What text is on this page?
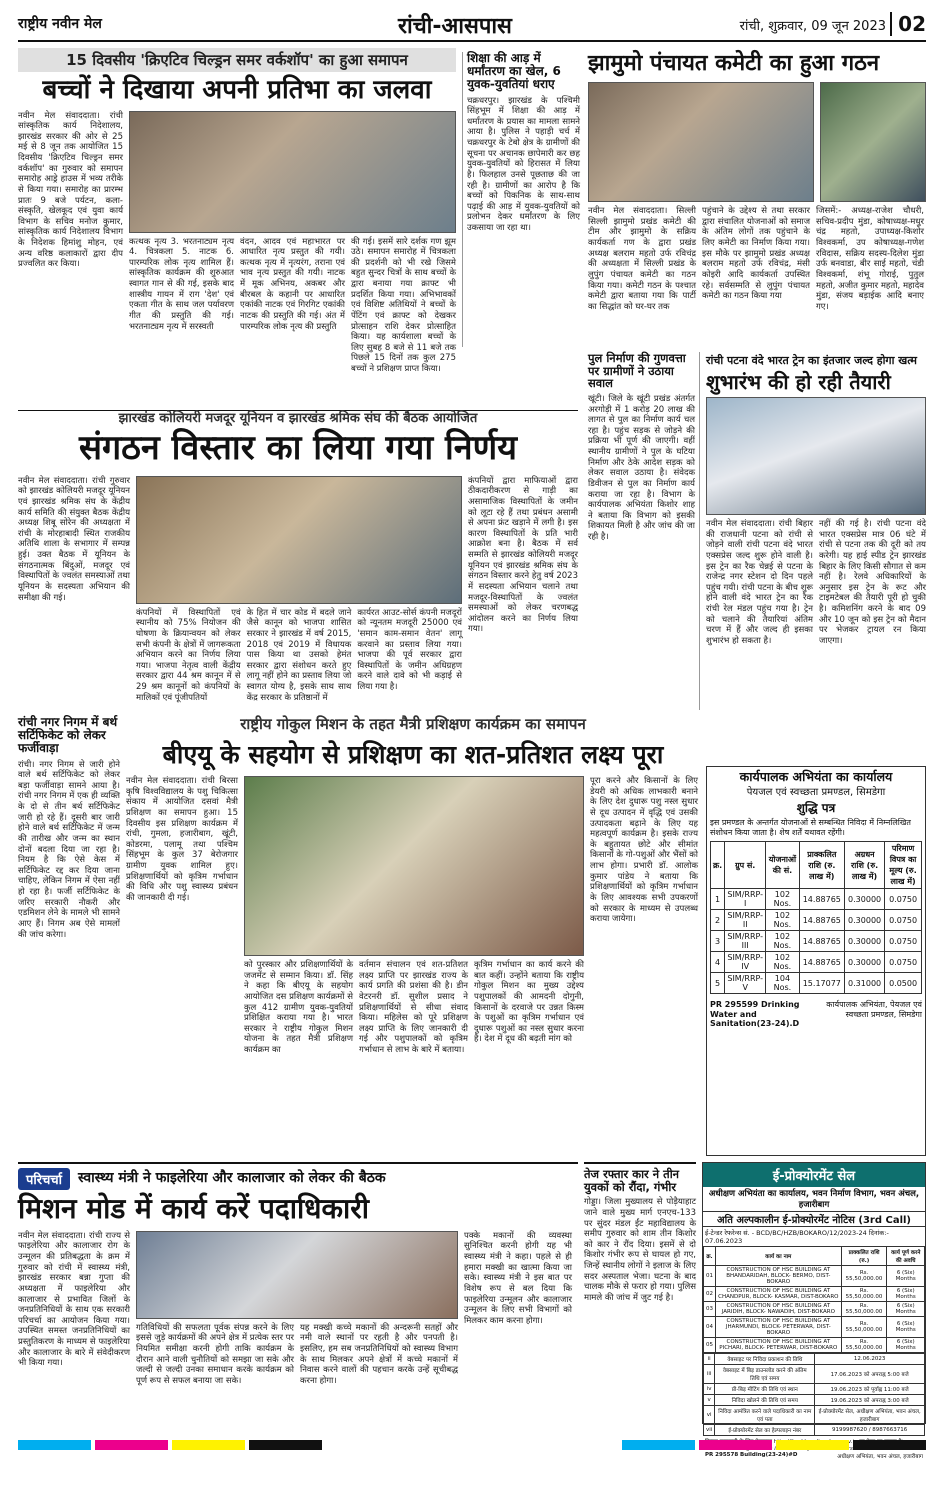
राष्ट्रीय नवीन मेल	रांची-आसपास	रांची, शुक्रवार, 09 जून 2023 02
15 दिवसीय 'क्रिएटिव चिल्ड्रन समर वर्कशॉप' का हुआ समापन
बच्चों ने दिखाया अपनी प्रतिभा का जलवा
नवीन मेल संवाददाता। रांची सांस्कृतिक कार्य निदेशालय, झारखंड सरकार की ओर से 25 मई से 8 जून तक आयोजित 15 दिवसीय 'क्रिएटिव चिल्ड्रन समर वर्कशॉप' का गुरुवार को समापन समारोह आड्रे हाउस में भव्य तरीके से किया गया। समारोह का प्रारम्भ प्रातः 9 बजे पर्यटन, कला-संस्कृति, खेलकूद एवं युवा कार्य विभाग के सचिव मनोज कुमार, सांस्कृतिक कार्य निदेशालय विभाग के निदेशक हिमांशु मोहन, एवं अन्य वरिष्ठ कलाकारों द्वारा दीप प्रज्वलित कर किया।
कत्थक नृत्य 3. भरतनाट्यम नृत्य 4. चित्रकला 5. नाटक 6. पारम्परिक लोक नृत्य शामिल हैं। सांस्कृतिक कार्यक्रम की शुरुआत स्वागत गान से की गई, इसके बाद शास्त्रीय गायन में राग 'देश' एवं एकता गीत के साथ जल पर्यावरण गीत की प्रस्तुति की गई। भरतनाट्यम नृत्य में सरस्वती
वंदन, आदव एवं महाभारत पर आधारित नृत्य प्रस्तुत की गयी। कत्थक नृत्य में नृत्यरंग, तराना एवं भाव नृत्य प्रस्तुत की गयी। नाटक में मूक अभिनय, अकबर और बीरबल के कहानी पर आधारित एकांकी नाटक एवं गिरगिट एकांकी नाटक की प्रस्तुति की गई। अंत में पारम्परिक लोक नृत्य की प्रस्तुति
की गई। इसमें सारे दर्शक गण झूम उठे। समापन समारोह में चित्रकला की प्रदर्शनी को भी रखे जिसमे बहुत सुन्दर चित्रों के साथ बच्चों के द्वारा बनाया गया क्राफ्ट भी प्रदर्शित किया गया। अभिभावकों एवं विशिष्ट अतिथियों ने बच्चों के पेंटिंग एवं क्राफ्ट को देखकर प्रोत्साहन राशि देकर प्रोत्साहित किया। यह कार्यशाला बच्चों के लिए सुबह 8 बजे से 11 बजे तक पिछले 15 दिनों तक कुल 275 बच्चों ने प्रशिक्षण प्राप्त किया।
शिक्षा की आड़ में धर्मांतरण का खेल, 6 युवक-युवतियां धराए
चक्रधरपुर। झारखंड के पश्चिमी सिंहभूम में शिक्षा की आड़ में धर्मांतरण के प्रयास का मामला सामने आया है। पुलिस ने पहाड़ी चर्च में चक्रधरपुर के टेबो क्षेत्र के ग्रामीणों की सूचना पर अचानक छापेमारी कर छह युवक-युवतियों को हिरासत में लिया है। फिलहाल उनसे पूछताछ की जा रही है। ग्रामीणों का आरोप है कि बच्चों को पिकनिक के साथ-साथ पढ़ाई की आड़ में युवक-युवतियों को प्रलोभन देकर धर्मांतरण के लिए उकसाया जा रहा था।
झामुमो पंचायत कमेटी का हुआ गठन
नवीन मेल संवाददाता। सिल्ली सिल्ली झामुमो प्रखंड कमेटी की टीम और झामुमो के सक्रिय कार्यकर्ता गण के द्वारा प्रखंड अध्यक्ष बलराम महतो उर्फ रविचंद्र की अध्यक्षता में सिल्ली प्रखंड के लुपुंग पंचायत कमेटी का गठन किया गया। कमेटी गठन के पश्चात कमेटी द्वारा बताया गया कि पार्टी का सिद्धांत को घर-घर तक
पहुंचाने के उद्देश्य से तथा सरकार द्वारा संचालित योजनाओं को समाज के अंतिम लोगों तक पहुंचाने के लिए कमेटी का निर्माण किया गया। इस मौके पर झामुमो प्रखंड अध्यक्ष बलराम महतो उर्फ रविचंद्र, मंसी कोइरी आदि कार्यकर्ता उपस्थित रहे। सर्वसम्मति से लुपुंग पंचायत कमेटी का गठन किया गया
जिसमें:- अध्यक्ष-राजेश चौधरी, सचिव-प्रदीप मुंडा, कोषाध्यक्ष-मधुर चंद्र महतो, उपाध्यक्ष-किशोर विश्वकर्मा, उप कोषाध्यक्ष-गणेश रविदास, सक्रिय सदस्य-दिलेश मुंडा उर्फ बनवाडा, बीर साई महतो, चंडी विश्वकर्मा, शंभू गोराई, पुतुल महतो, अजीत कुमार महतो, महादेव मुंडा, संजय बड़ाईक आदि बनाए गए।
झारखंड कोलियरी मजदूर यूनियन व झारखंड श्रमिक संघ की बैठक आयोजित
संगठन विस्तार का लिया गया निर्णय
नवीन मेल संवाददाता। रांची गुरुवार को झारखंड कोलियरी मजदूर यूनियन एवं झारखंड श्रमिक संघ के केंद्रीय कार्य समिति की संयुक्त बैठक केंद्रीय अध्यक्ष शिबू सोरेन की अध्यक्षता में रांची के मोरहाबादी स्थित राजकीय अतिथि शाला के सभागार में सम्पन्न हुई। उक्त बैठक में यूनियन के संगठनात्मक बिंदुओं, मजदूर एवं विस्थापितों के ज्वलंत समस्याओं तथा यूनियन के सदस्यता अभियान की समीक्षा की गई।
कंपनियों में विस्थापितों एवं स्थानीय को 75% नियोजन की घोषणा के क्रियान्वयन को लेकर सभी कंपनी के क्षेत्रों में जागरूकता अभियान करने का निर्णय लिया गया। भाजपा नेतृत्व वाली केंद्रीय सरकार द्वारा 44 श्रम कानून में से 29 श्रम कानूनों को कंपनियों के मालिकों एवं पूंजीपतियों
के हित में चार कोड में बदले जाने जैसे कानून को भाजपा शासित सरकार ने झारखंड में वर्ष 2015, 2018 एवं 2019 में विधायक पास किया था उसको हेमंत सरकार द्वारा संशोधन करते हुए लागू नहीं होने का प्रस्ताव लिया जो स्वागत योग्य है, इसके साथ साथ केंद्र सरकार के प्रतिष्ठानों में
कार्यरत आउट-सोर्स कंपनी मजदूरों को न्यूनतम मजदूरी 25000 एवं 'समान काम-समान वेतन' लागू करवाने का प्रस्ताव लिया गया। भाजपा की पूर्व सरकार द्वारा विस्थापितों के जमीन अधिग्रहण करने वाले दावे को भी कड़ाई से लिया गया है।
कंपनियों द्वारा माफियाओं द्वारा ठीकदारीकरण से गाड़ी का असामाजिक विस्थापितों के जमीन को लूटा रहे हैं तथा प्रबंधन असामी से अपना फ्रंट खड़ाने में लगी है। इस कारण विस्थापितों के प्रति भारी आक्रोश बना है। बैठक में सर्व सम्मति से झारखंड कोलियरी मजदूर यूनियन एवं झारखंड श्रमिक संघ के संगठन विस्तार करने हेतु वर्ष 2023 में सदस्यता अभियान चलाने तथा मजदूर-विस्थापितों के ज्वलंत समस्याओं को लेकर चरणबद्ध आंदोलन करने का निर्णय लिया गया।
पुल निर्माण की गुणवत्ता पर ग्रामीणों ने उठाया सवाल
खूंटी। जिले के खूंटी प्रखंड अंतर्गत अरगोड़ी में 1 करोड़ 20 लाख की लागत से पुल का निर्माण कार्य चल रहा है। पहुंच सड़क से जोड़ने की प्रक्रिया भी पूर्ण की जाएगी। वहीं स्थानीय ग्रामीणों ने पुल के घटिया निर्माण और ठेके आदेश सड़क को लेकर सवाल उठाया है। संवेदक डिवीजन से पुल का निर्माण कार्य कराया जा रहा है। विभाग के कार्यपालक अभियंता किशोर शाह ने बताया कि विभाग को इसकी शिकायत मिली है और जांच की जा रही है।
रांची पटना वंदे भारत ट्रेन का इंतजार जल्द होगा खत्म
शुभारंभ की हो रही तैयारी
नवीन मेल संवाददाता। रांची बिहार की राजधानी पटना को रांची से जोड़ने वाली रांची पटना वंदे भारत एक्सप्रेस जल्द शुरू होने वाली है। इस ट्रेन का रैक चेन्नई से पटना के राजेन्द्र नगर स्टेशन दो दिन पहले पहुंच गयी। रांची पटना के बीच शुरू होने वाली वंदे भारत ट्रेन का रैक रांची रेल मंडल पहुंच गया है। ट्रेन को चलाने की तैयारियां अंतिम चरण में हैं और जल्द ही इसका शुभारंभ हो सकता है।
नहीं की गई है। रांची पटना वंदे भारत एक्सप्रेस मात्र 06 घंटे में रांची से पटना तक की दूरी को तय करेगी। यह हाई स्पीड ट्रेन झारखंड बिहार के लिए किसी सौगात से कम नहीं है। रेलवे अधिकारियों के अनुसार इस ट्रेन के रूट और टाइमटेबल की तैयारी पूरी हो चुकी है। कमिशनिंग करने के बाद 09 और 10 जून को इस ट्रेन को मैदान पर भेजकर ट्रायल रन किया जाएगा।
रांची नगर निगम में बर्थ सर्टिफिकेट को लेकर फर्जीवाड़ा
रांची। नगर निगम से जारी होने वाले बर्थ सर्टिफिकेट को लेकर बड़ा फर्जीवाड़ा सामने आया है। रांची नगर निगम में एक ही व्यक्ति के दो से तीन बर्थ सर्टिफिकेट जारी हो रहे हैं। दूसरी बार जारी होने वाले बर्थ सर्टिफिकेट में जन्म की तारीख और जन्म का स्थान दोनों बदला दिया जा रहा है। नियम है कि ऐसे केस में सर्टिफिकेट रद्द कर दिया जाना चाहिए, लेकिन निगम में ऐसा नहीं हो रहा है। फर्जी सर्टिफिकेट के जरिए सरकारी नौकरी और एडमिशन लेने के मामले भी सामने आए हैं। निगम अब ऐसे मामलों की जांच करेगा।
राष्ट्रीय गोकुल मिशन के तहत मैत्री प्रशिक्षण कार्यक्रम का समापन
बीएयू के सहयोग से प्रशिक्षण का शत-प्रतिशत लक्ष्य पूरा
नवीन मेल संवाददाता। रांची बिरसा कृषि विश्वविद्यालय के पशु चिकित्सा संकाय में आयोजित दसवां मैत्री प्रशिक्षण का समापन हुआ। 15 दिवसीय इस प्रशिक्षण कार्यक्रम में रांची, गुमला, हजारीबाग, खूंटी, कोडरमा, पलामू तथा पश्चिम सिंहभूम के कुल 37 बेरोजगार ग्रामीण युवक शामिल हुए। प्रशिक्षणार्थियों को कृत्रिम गर्भाधान की विधि और पशु स्वास्थ्य प्रबंधन की जानकारी दी गई।
को पुरस्कार और प्रशिक्षणार्थियों के जजमेंट से सम्मान किया। डॉ. सिंह ने कहा कि बीएयू के सहयोग आयोजित दस प्रशिक्षण कार्यक्रमों से कुल 412 ग्रामीण युवक-युवतियों प्रशिक्षित कराया गया है। भारत सरकार ने राष्ट्रीय गोकुल मिशन योजना के तहत मैत्री प्रशिक्षण कार्यक्रम का
वर्तमान संचालन एवं शत-प्रतिशत लक्ष्य प्राप्ति पर झारखंड राज्य के कार्य प्रगति की प्रशंसा की है। डीन वेटरनरी डॉ. सुशील प्रसाद ने प्रशिक्षणार्थियों से सीधा संवाद किया। महिलेस को पूरे प्रशिक्षण लक्ष्य प्राप्ति के लिए जानकारी दी गई और पशुपालकों को कृत्रिम गर्भाधान से लाभ के बारे में बताया।
कृत्रिम गर्भाधान का कार्य करने की बात कहीं। उन्होंने बताया कि राष्ट्रीय गोकुल मिशन का मुख्य उद्देश्य पशुपालकों की आमदनी दोगुनी, किसानों के दरवाजे पर उन्नत किस्म के पशुओं का कृत्रिम गर्भाधान एवं दुधारू पशुओं का नस्ल सुधार करना है। देश में दूध की बढ़ती मांग को
पूरा करने और किसानों के लिए डेयरी को अधिक लाभकारी बनाने के लिए देश दुधारू पशु नस्ल सुधार से दूध उत्पादन में वृद्धि एवं उसकी उत्पादकता बढ़ाने के लिए यह महत्वपूर्ण कार्यक्रम है। इसके राज्य के बहुतायत छोटे और सीमांत किसानों के गो-पशुओं और भैंसों को लाभ होगा। प्रभारी डॉ. आलोक कुमार पांडेय ने बताया कि प्रशिक्षणार्थियों को कृत्रिम गर्भाधान के लिए आवश्यक सभी उपकरणों को सरकार के माध्यम से उपलब्ध कराया जायेगा।
कार्यपालक अभियंता का कार्यालय
पेयजल एवं स्वच्छता प्रमण्डल, सिमडेगा
शुद्धि पत्र
इस प्रमण्डल के अन्तर्गत योजनाओं से सम्बन्धित निविदा में निम्नलिखित संशोधन किया जाता है। शेष शर्तें यथावत रहेंगी।
क्र.	ग्रुप सं.	योजनाओं की सं.	प्राक्कलित राशि (रु. लाख में)	अग्रधन राशि (रु. लाख में)	परिमाण विपत्र का मूल्य (रु. लाख में)
1	SIM/RRP-I	102 Nos.	14.88765	0.30000	0.0750
2	SIM/RRP-II	102 Nos.	14.88765	0.30000	0.0750
3	SIM/RRP-III	102 Nos.	14.88765	0.30000	0.0750
4	SIM/RRP-IV	102 Nos.	14.88765	0.30000	0.0750
5	SIM/RRP-V	104 Nos.	15.17077	0.31000	0.0500
PR 295599 Drinking Water and Sanitation(23-24).D
कार्यपालक अभियंता, पेयजल एवं स्वच्छता प्रमण्डल, सिमडेगा
परिचर्चा	स्वास्थ्य मंत्री ने फाइलेरिया और कालाजार को लेकर की बैठक
मिशन मोड में कार्य करें पदाधिकारी
नवीन मेल संवाददाता। रांची राज्य से फाइलेरिया और कालाजार रोग के उन्मूलन की प्रतिबद्धता के क्रम में गुरुवार को रांची में स्वास्थ्य मंत्री, झारखंड सरकार बन्ना गुप्ता की अध्यक्षता में फाइलेरिया और कालाजार से प्रभावित जिलों के जनप्रतिनिधियों के साथ एक सरकारी परिचर्चा का आयोजन किया गया। उपस्थित समस्त जनप्रतिनिधियों का प्रस्तुतिकरण के माध्यम से फाइलेरिया और कालाजार के बारे में संवेदीकरण भी किया गया।
गतिविधियों की सफलता पूर्वक संपन्न करने के लिए इससे जुड़े कार्यक्रमों की अपने क्षेत्र में प्रत्येक स्तर पर नियमित समीक्षा करनी होगी ताकि कार्यक्रम के दौरान आने वाली चुनौतियों को समझा जा सके और जल्दी से जल्दी उनका समाधान करके कार्यक्रम को पूर्ण रूप से सफल बनाया जा सके।
यह मक्खी कच्चे मकानों की अन्दरूनी सतहों और नमी वाले स्थानों पर रहती है और पनपती है। इसलिए, हम सब जनप्रतिनिधियों को स्वास्थ्य विभाग के साथ मिलकर अपने क्षेत्रों में कच्चे मकानों में निवास करने वालों की पहचान करके उन्हें सूचीबद्ध करना होगा।
पक्के मकानों की व्यवस्था सुनिश्चित करनी होगी यह भी स्वास्थ्य मंत्री ने कहा। पहले से ही हमारा मक्खी का खात्मा किया जा सके। स्वास्थ्य मंत्री ने इस बात पर विशेष रूप से बल दिया कि फाइलेरिया उन्मूलन और कालाजार उन्मूलन के लिए सभी विभागों को मिलकर काम करना होगा।
तेज रफ्तार कार ने तीन युवकों को रौंदा, गंभीर
गोड्डा। जिला मुख्यालय से पोड़ैयाहाट जाने वाले मुख्य मार्ग एनएच-133 पर सुंदर मंडल ईंट महाविद्यालय के समीप गुरुवार को शाम तीन किशोर को कार ने रौंद दिया। इसमें से दो किशोर गंभीर रूप से घायल हो गए, जिन्हें स्थानीय लोगों ने इलाज के लिए सदर अस्पताल भेजा। घटना के बाद चालक मौके से फरार हो गया। पुलिस मामले की जांच में जुट गई है।
ई-प्रोक्योरमेंट सेल
अधीक्षण अभियंता का कार्यालय, भवन निर्माण विभाग, भवन अंचल, हजारीबाग
अति अल्पकालीन ई-प्रोक्योरमेंट नोटिस (3rd Call)
ई-टेन्डर रेफरेन्स सं. - BCD/BC/HZB/BOKARO/12/2023-24 दिनांक:- 07.06.2023
क्र.	कार्य का नाम	प्राक्कलित राशि (रु.)	कार्य पूर्ण करने की अवधि
01	CONSTRUCTION OF HSC BUILDING AT BHANDARIDAH, BLOCK- BERMO, DIST-BOKARO	Rs. 55,50,000.00	6 (Six) Months
02	CONSTRUCTION OF HSC BUILDING AT CHANDPUR, BLOCK- KASMAR, DIST-BOKARO	Rs. 55,50,000.00	6 (Six) Months
03	CONSTRUCTION OF HSC BUILDING AT JARIDIH, BLOCK- NAWADIH, DIST-BOKARO	Rs. 55,50,000.00	6 (Six) Months
04	CONSTRUCTION OF HSC BUILDING AT JHARMUNDI, BLOCK- PETERWAR, DIST-BOKARO	Rs. 55,50,000.00	6 (Six) Months
05	CONSTRUCTION OF HSC BUILDING AT PICHARI, BLOCK- PETERWAR, DIST-BOKARO	Rs. 55,50,000.00	6 (Six) Months
ii	वेबसाइट पर निविदा प्रकाशन की तिथि	12.06.2023
iii	वेबसाइट में बिड़ डाउनलोड करने की अंतिम तिथि एवं समय	17.06.2023 को अपराह्न 5:00 बजे
iv	प्री-बिड़ मीटिंग की तिथि एवं स्थान	19.06.2023 को पूर्वाह्न 11:00 बजे
v	निविदा खोलने की तिथि एवं समय	19.06.2023 को अपराह्न 3:00 बजे
vi	निविदा आमंत्रित करने वाले पदाधिकारी का नाम एवं पता	ई-प्रोक्योरमेंट सेल, अधीक्षण अभियंता, भवन अंचल, हजारीबाग
vii	ई-प्रोक्योरमेंट सेल का हेल्पलाइन नंबर	9199987620 / 8987663716
PR 295578 Building(23-24)#D	अधीक्षण अभियंता, भवन अंचल, हजारीबाग
